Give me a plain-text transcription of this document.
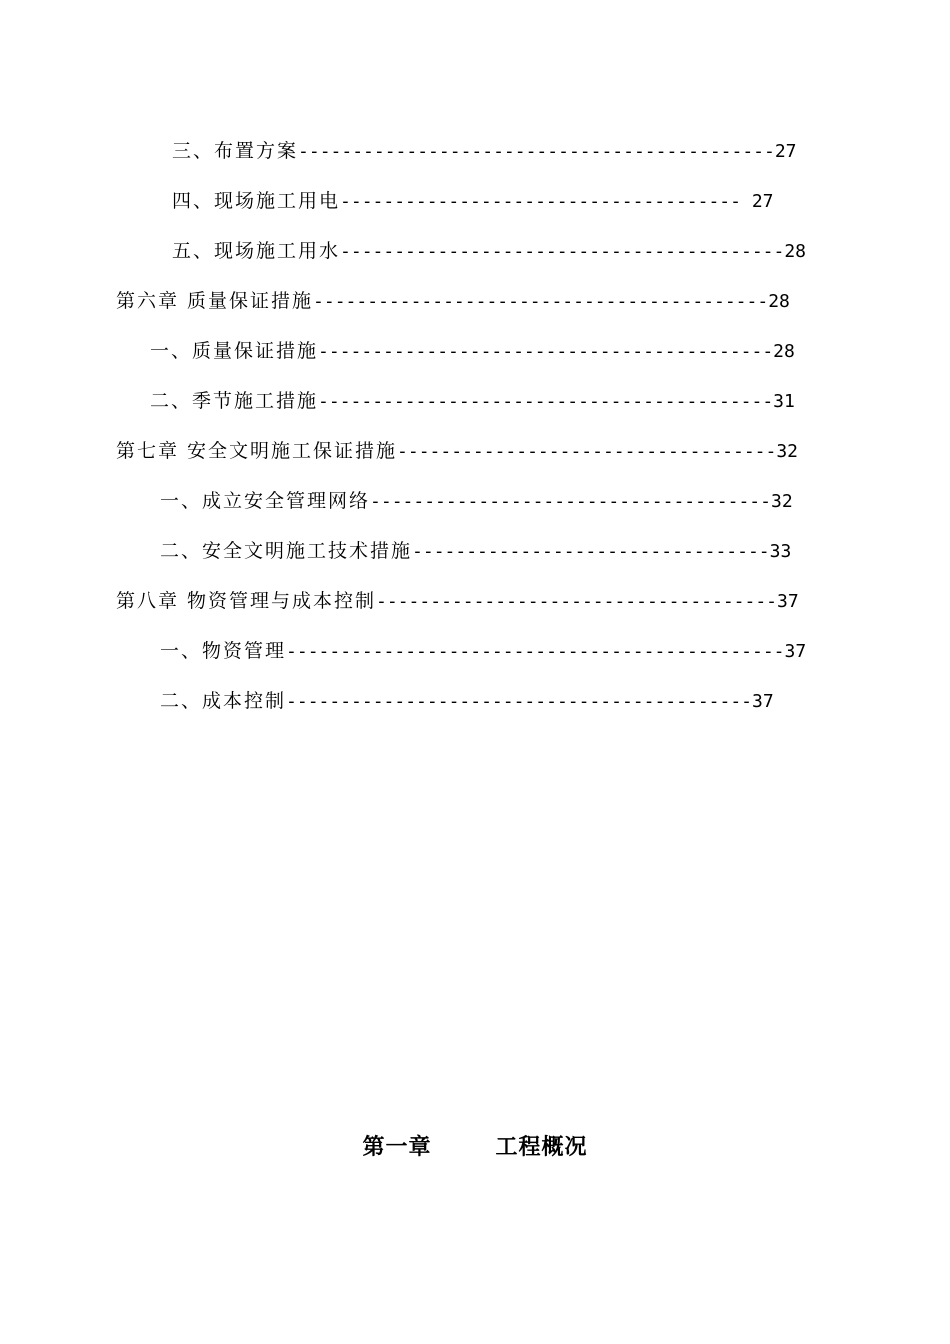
三、布置方案--------------------------------------------27
四、现场施工用电------------------------------------- 27
五、现场施工用水-----------------------------------------28
第六章 质量保证措施------------------------------------------28
一、质量保证措施------------------------------------------28
二、季节施工措施------------------------------------------31
第七章 安全文明施工保证措施-----------------------------------32
一、成立安全管理网络-------------------------------------32
二、安全文明施工技术措施---------------------------------33
第八章 物资管理与成本控制-------------------------------------37
一、物资管理----------------------------------------------37
二、成本控制-------------------------------------------37
第一章	工程概况
